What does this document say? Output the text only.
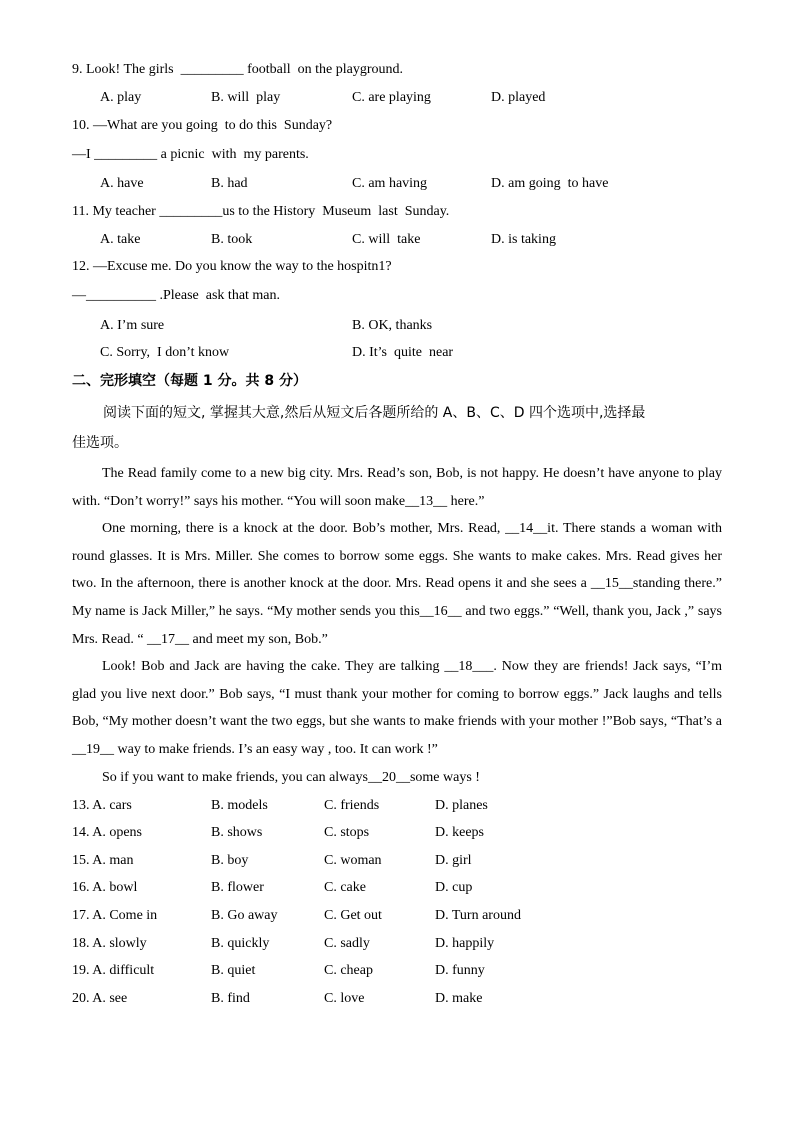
9. Look! The girls  _________ football  on the playground.
A. play	B. will  play	C. are playing	D. played
10. —What are you going  to do this  Sunday?
—I _________ a picnic  with  my parents.
A. have	B. had	C. am having	D. am going  to have
11. My teacher _________us to the History  Museum  last  Sunday.
A. take	B. took	C. will  take	D. is taking
12. —Excuse me. Do you know the way to the hospitn1?
—__________ .Please  ask that man.
A. I’m sure	B. OK, thanks
C. Sorry,  I don’t know	D. It’s  quite  near
二、完形填空（每题 1 分。共 8 分）
阅读下面的短文, 掌握其大意,然后从短文后各题所给的 A、B、C、D 四个选项中,选择最
佳选项。

The Read family come to a new big city. Mrs. Read’s son, Bob, is not happy. He doesn’t have anyone to play with. “Don’t worry!” says his mother. “You will soon make__13__ here.”

One morning, there is a knock at the door. Bob’s mother, Mrs. Read, __14__it. There stands a woman with round glasses. It is Mrs. Miller. She comes to borrow some eggs. She wants to make cakes. Mrs. Read gives her two. In the afternoon, there is another knock at the door. Mrs. Read opens it and she sees a __15__standing there.” My name is Jack Miller,” he says. “My mother sends you this__16__ and two eggs.” “Well, thank you, Jack ,” says Mrs. Read. “ __17__ and meet my son, Bob.”

Look! Bob and Jack are having the cake. They are talking __18___. Now they are friends! Jack says, “I’m glad you live next door.” Bob says, “I must thank your mother for coming to borrow eggs.” Jack laughs and tells Bob, “My mother doesn’t want the two eggs, but she wants to make friends with your mother !”Bob says, “That’s a __19__ way to make friends. I’s an easy way , too. It can work !”

So if you want to make friends, you can always__20__some ways !

13. A. cars	B. models	C. friends	D. planes
14. A. opens	B. shows	C. stops	D. keeps
15. A. man	B. boy	C. woman	D. girl
16. A. bowl	B. flower	C. cake	D. cup
17. A. Come in	B. Go away	C. Get out	D. Turn around
18. A. slowly	B. quickly	C. sadly	D. happily
19. A. difficult	B. quiet	C. cheap	D. funny
20. A. see	B. find	C. love	D. make
